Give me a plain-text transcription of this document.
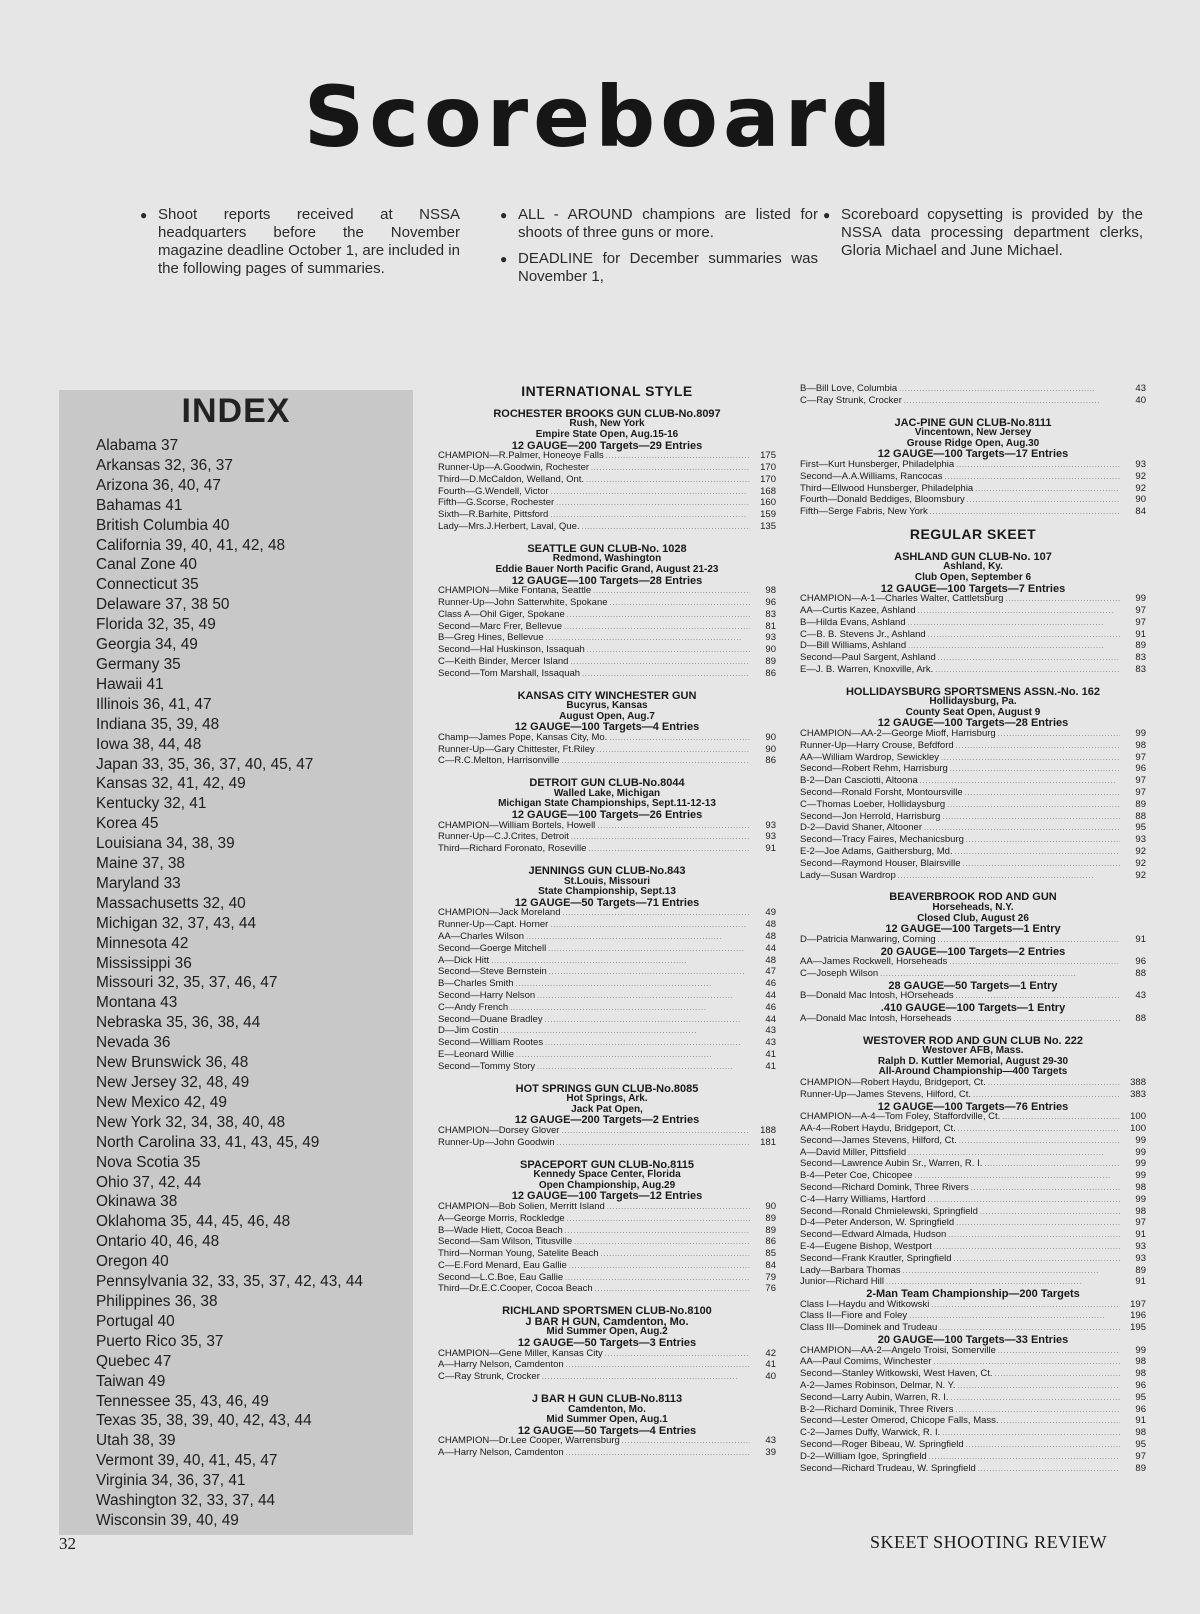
Scoreboard

● Shoot reports received at NSSA headquarters before the November magazine deadline October 1, are included in the following pages of summaries.

● ALL - AROUND champions are listed for shoots of three guns or more.

● DEADLINE for December summaries was November 1,

● Scoreboard copysetting is provided by the NSSA data processing department clerks, Gloria Michael and June Michael.

INDEX
Alabama 37
Arkansas 32, 36, 37
Arizona 36, 40, 47
Bahamas 41
British Columbia 40
California 39, 40, 41, 42, 48
Canal Zone 40
Connecticut 35
Delaware 37, 38 50
Florida 32, 35, 49
Georgia 34, 49
Germany 35
Hawaii 41
Illinois 36, 41, 47
Indiana 35, 39, 48
Iowa 38, 44, 48
Japan 33, 35, 36, 37, 40, 45, 47
Kansas 32, 41, 42, 49
Kentucky 32, 41
Korea 45
Louisiana 34, 38, 39
Maine 37, 38
Maryland 33
Massachusetts 32, 40
Michigan 32, 37, 43, 44
Minnesota 42
Mississippi 36
Missouri 32, 35, 37, 46, 47
Montana 43
Nebraska 35, 36, 38, 44
Nevada 36
New Brunswick 36, 48
New Jersey 32, 48, 49
New Mexico 42, 49
New York 32, 34, 38, 40, 48
North Carolina 33, 41, 43, 45, 49
Nova Scotia 35
Ohio 37, 42, 44
Okinawa 38
Oklahoma 35, 44, 45, 46, 48
Ontario 40, 46, 48
Oregon 40
Pennsylvania 32, 33, 35, 37, 42, 43, 44
Philippines 36, 38
Portugal 40
Puerto Rico 35, 37
Quebec 47
Taiwan 49
Tennessee 35, 43, 46, 49
Texas 35, 38, 39, 40, 42, 43, 44
Utah 38, 39
Vermont 39, 40, 41, 45, 47
Virginia 34, 36, 37, 41
Washington 32, 33, 37, 44
Wisconsin 39, 40, 49
INTERNATIONAL STYLE
ROCHESTER BROOKS GUN CLUB-No.8097
Rush, New York
Empire State Open, Aug.15-16
12 GAUGE—200 Targets—29 Entries
CHAMPION—R.Palmer, Honeoye Falls . . .	175
Runner-Up—A.Goodwin, Rochester . . .	170
Third—D.McCaldon, Welland, Ont. . . .	170
Fourth—G.Wendell, Victor . . .	168
Fifth—G.Scorse, Rochester . . .	160
Sixth—R.Barhite, Pittsford . . .	159
Lady—Mrs.J.Herbert, Laval, Que. . . .	135
SEATTLE GUN CLUB-No. 1028
Redmond, Washington
Eddie Bauer North Pacific Grand, August 21-23
12 GAUGE—100 Targets—28 Entries
CHAMPION—Mike Fontana, Seattle . . .	98
Runner-Up—John Satterwhite, Spokane . . .	96
Class A—Ohil Giger, Spokane . . .	83
Second—Marc Frer, Bellevue . . .	81
B—Greg Hines, Bellevue . . .	93
Second—Hal Huskinson, Issaquah . . .	90
C—Keith Binder, Mercer Island . . .	89
Second—Tom Marshall, Issaquah . . .	86
KANSAS CITY WINCHESTER GUN
Bucyrus, Kansas
August Open, Aug.7
12 GAUGE—100 Targets—4 Entries
Champ—James Pope, Kansas City, Mo. . . .	90
Runner-Up—Gary Chittester, Ft.Riley . . .	90
C—R.C.Melton, Harrisonville . . .	86
DETROIT GUN CLUB-No.8044
Walled Lake, Michigan
Michigan State Championships, Sept.11-12-13
12 GAUGE—100 Targets—26 Entries
CHAMPION—William Bortels, Howell . . .	93
Runner-Up—C.J.Crites, Detroit . . .	93
Third—Richard Foronato, Roseville . . .	91
JENNINGS GUN CLUB-No.843
St.Louis, Missouri
State Championship, Sept.13
12 GAUGE—50 Targets—71 Entries
CHAMPION—Jack Moreland . . .	49
Runner-Up—Capt. Horner . . .	48
AA—Charles Wilson . . .	48
Second—Goerge Mitchell . . .	44
A—Dick Hitt . . .	48
Second—Steve Bernstein . . .	47
B—Charles Smith . . .	46
Second—Harry Nelson . . .	44
C—Andy French . . .	46
Second—Duane Bradley . . .	44
D—Jim Costin . . .	43
Second—William Rootes . . .	43
E—Leonard Willie . . .	41
Second—Tommy Story . . .	41
HOT SPRINGS GUN CLUB-No.8085
Hot Springs, Ark.
Jack Pat Open,
12 GAUGE—200 Targets—2 Entries
CHAMPION—Dorsey Glover . . .	188
Runner-Up—John Goodwin . . .	181
SPACEPORT GUN CLUB-No.8115
Kennedy Space Center, Florida
Open Championship, Aug.29
12 GAUGE—100 Targets—12 Entries
CHAMPION—Bob Solien, Merritt Island . . .	90
A—George Morris, Rockledge . . .	89
B—Wade Hiett, Cocoa Beach . . .	89
Second—Sam Wilson, Titusville . . .	86
Third—Norman Young, Satelite Beach . . .	85
C—E.Ford Menard, Eau Gallie . . .	84
Second—L.C.Boe, Eau Gallie . . .	79
Third—Dr.E.C.Cooper, Cocoa Beach . . .	76
RICHLAND SPORTSMEN CLUB-No.8100
J BAR H GUN, Camdenton, Mo.
Mid Summer Open, Aug.2
12 GAUGE—50 Targets—3 Entries
CHAMPION—Gene Miller, Kansas City . . .	42
A—Harry Nelson, Camdenton . . .	41
C—Ray Strunk, Crocker . . .	40
J BAR H GUN CLUB-No.8113
Camdenton, Mo.
Mid Summer Open, Aug.1
12 GAUGE—50 Targets—4 Entries
CHAMPION—Dr.Lee Cooper, Warrensburg . . .	43
A—Harry Nelson, Camdenton . . .	39
B—Bill Love, Columbia . . .	43
C—Ray Strunk, Crocker . . .	40
JAC-PINE GUN CLUB-No.8111
Vincentown, New Jersey
Grouse Ridge Open, Aug.30
12 GAUGE—100 Targets—17 Entries
First—Kurt Hunsberger, Philadelphia . . .	93
Second—A.A.Williams, Rancocas . . .	92
Third—Ellwood Hunsberger, Philadelphia . . .	92
Fourth—Donald Beddiges, Bloomsbury . . .	90
Fifth—Serge Fabris, New York . . .	84
REGULAR SKEET
ASHLAND GUN CLUB-No. 107
Ashland, Ky.
Club Open, September 6
12 GAUGE—100 Targets—7 Entries
CHAMPION—A-1—Charles Walter, Cattletsburg . . .	99
AA—Curtis Kazee, Ashland . . .	97
B—Hilda Evans, Ashland . . .	97
C—B. B. Stevens Jr., Ashland . . .	91
D—Bill Williams, Ashland . . .	89
Second—Paul Sargent, Ashland . . .	83
E—J. B. Warren, Knoxville, Ark. . . .	83
HOLLIDAYSBURG SPORTSMENS ASSN.-No. 162
Hollidaysburg, Pa.
County Seat Open, August 9
12 GAUGE—100 Targets—28 Entries
CHAMPION—AA-2—George Mioff, Harrisburg . . .	99
Runner-Up—Harry Crouse, Befdford . . .	98
AA—William Wardrop, Sewickley . . .	97
Second—Robert Rehm, Harrisburg . . .	96
B-2—Dan Casciotti, Altoona . . .	97
Second—Ronald Forsht, Montoursville . . .	97
C—Thomas Loeber, Hollidaysburg . . .	89
Second—Jon Herrold, Harrisburg . . .	88
D-2—David Shaner, Altooner . . .	95
Second—Tracy Faires, Mechanicsburg . . .	93
E-2—Joe Adams, Gaithersburg, Md. . . .	92
Second—Raymond Houser, Blairsville . . .	92
Lady—Susan Wardrop . . .	92
BEAVERBROOK ROD AND GUN
Horseheads, N.Y.
Closed Club, August 26
12 GAUGE—100 Targets—1 Entry
D—Patricia Manwaring, Corning . . .	91
20 GAUGE—100 Targets—2 Entries
AA—James Rockwell, Horseheads . . .	96
C—Joseph Wilson . . .	88
28 GAUGE—50 Targets—1 Entry
B—Donald Mac Intosh, HOrseheads . . .	43
.410 GAUGE—100 Targets—1 Entry
A—Donald Mac Intosh, Horseheads . . .	88
WESTOVER ROD AND GUN CLUB No. 222
Westover AFB, Mass.
Ralph D. Kuttler Memorial, August 29-30
All-Around Championship—400 Targets
CHAMPION—Robert Haydu, Bridgeport, Ct. . . .	388
Runner-Up—James Stevens, Hilford, Ct. . . .	383
12 GAUGE—100 Targets—76 Entries
CHAMPION—A-4—Tom Foley, Staffordville, Ct. . . .	100
AA-4—Robert Haydu, Bridgeport, Ct. . . .	100
Second—James Stevens, Hilford, Ct. . . .	99
A—David Miller, Pittsfield . . .	99
Second—Lawrence Aubin Sr., Warren, R. I. . . .	99
B-4—Peter Coe, Chicopee . . .	99
Second—Richard Domink, Three Rivers . . .	98
C-4—Harry Williams, Hartford . . .	99
Second—Ronald Chmielewski, Springfield . . .	98
D-4—Peter Anderson, W. Springfield . . .	97
Second—Edward Almada, Hudson . . .	91
E-4—Eugene Bishop, Westport . . .	93
Second—Frank Krautler, Springfield . . .	93
Lady—Barbara Thomas . . .	89
Junior—Richard Hill . . .	91
2-Man Team Championship—200 Targets
Class I—Haydu and Witkowski . . .	197
Class II—Fiore and Foley . . .	196
Class III—Dominek and Trudeau . . .	195
20 GAUGE—100 Targets—33 Entries
CHAMPION—AA-2—Angelo Troisi, Somerville . . .	99
AA—Paul Comims, Winchester . . .	98
Second—Stanley Witkowski, West Haven, Ct. . . .	98
A-2—James Robinson, Delmar, N. Y. . . .	96
Second—Larry Aubin, Warren, R. I. . . .	95
B-2—Richard Dominik, Three Rivers . . .	96
Second—Lester Omerod, Chicope Falls, Mass. . . .	91
C-2—James Duffy, Warwick, R. I. . . .	98
Second—Roger Bibeau, W. Springfield . . .	95
D-2—William Igoe, Springfield . . .	97
Second—Richard Trudeau, W. Springfield . . .	89
32	SKEET SHOOTING REVIEW
